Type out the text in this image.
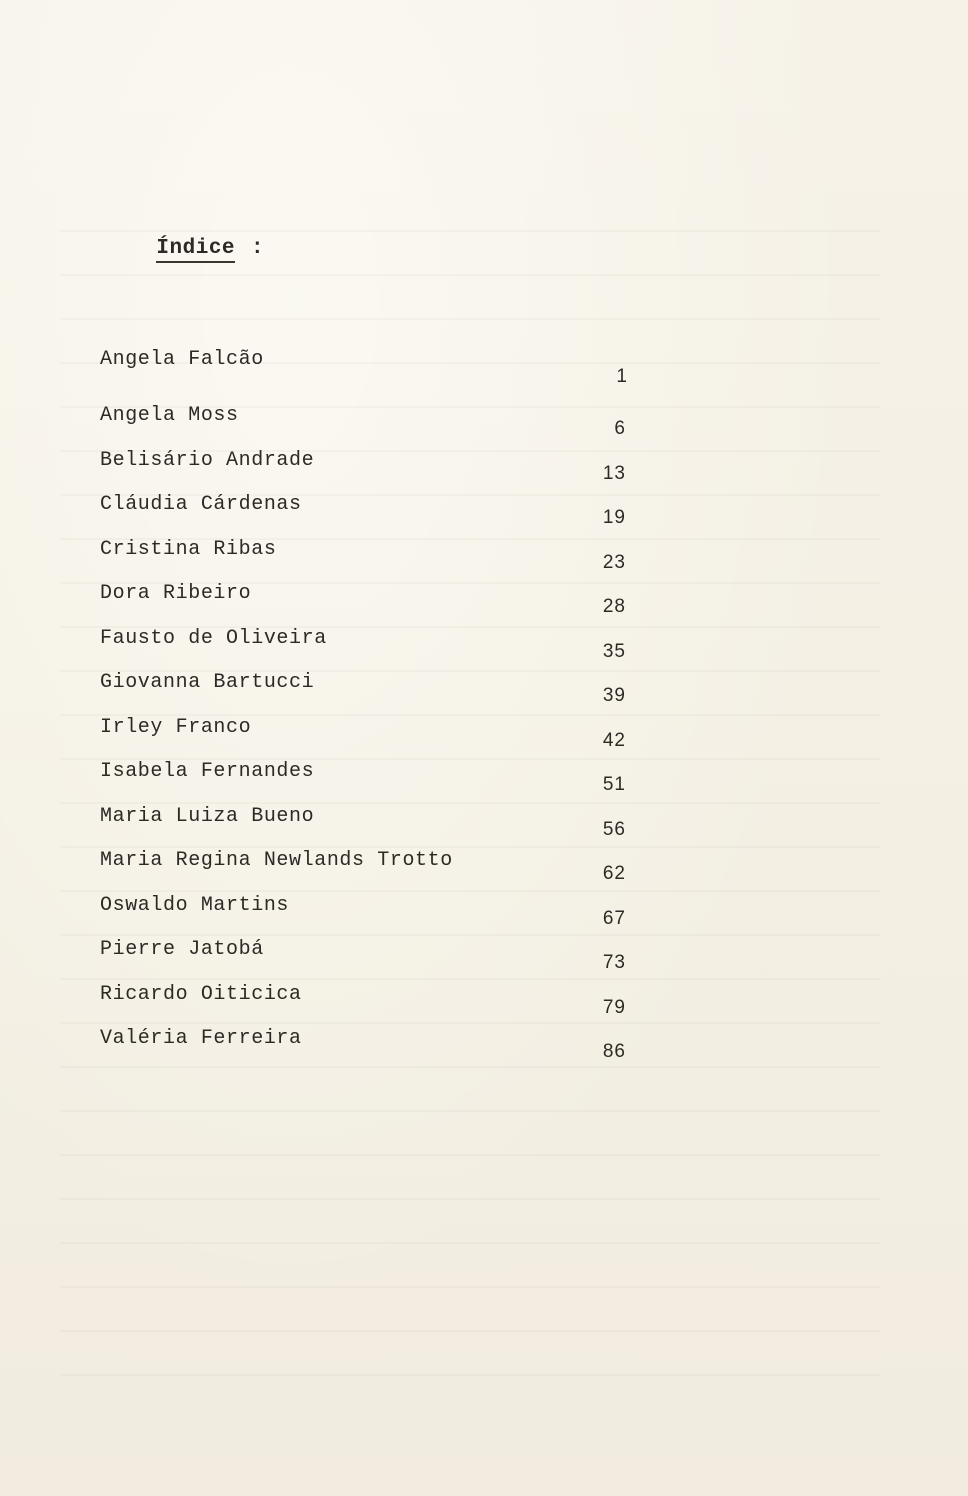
Índice :

Angela Falcão
1
Angela Moss
6
Belisário Andrade
13
Cláudia Cárdenas
19
Cristina Ribas
23
Dora Ribeiro
28
Fausto de Oliveira
35
Giovanna Bartucci
39
Irley Franco
42
Isabela Fernandes
51
Maria Luiza Bueno
56
Maria Regina Newlands Trotto
62
Oswaldo Martins
67
Pierre Jatobá
73
Ricardo Oiticica
79
Valéria Ferreira
86
